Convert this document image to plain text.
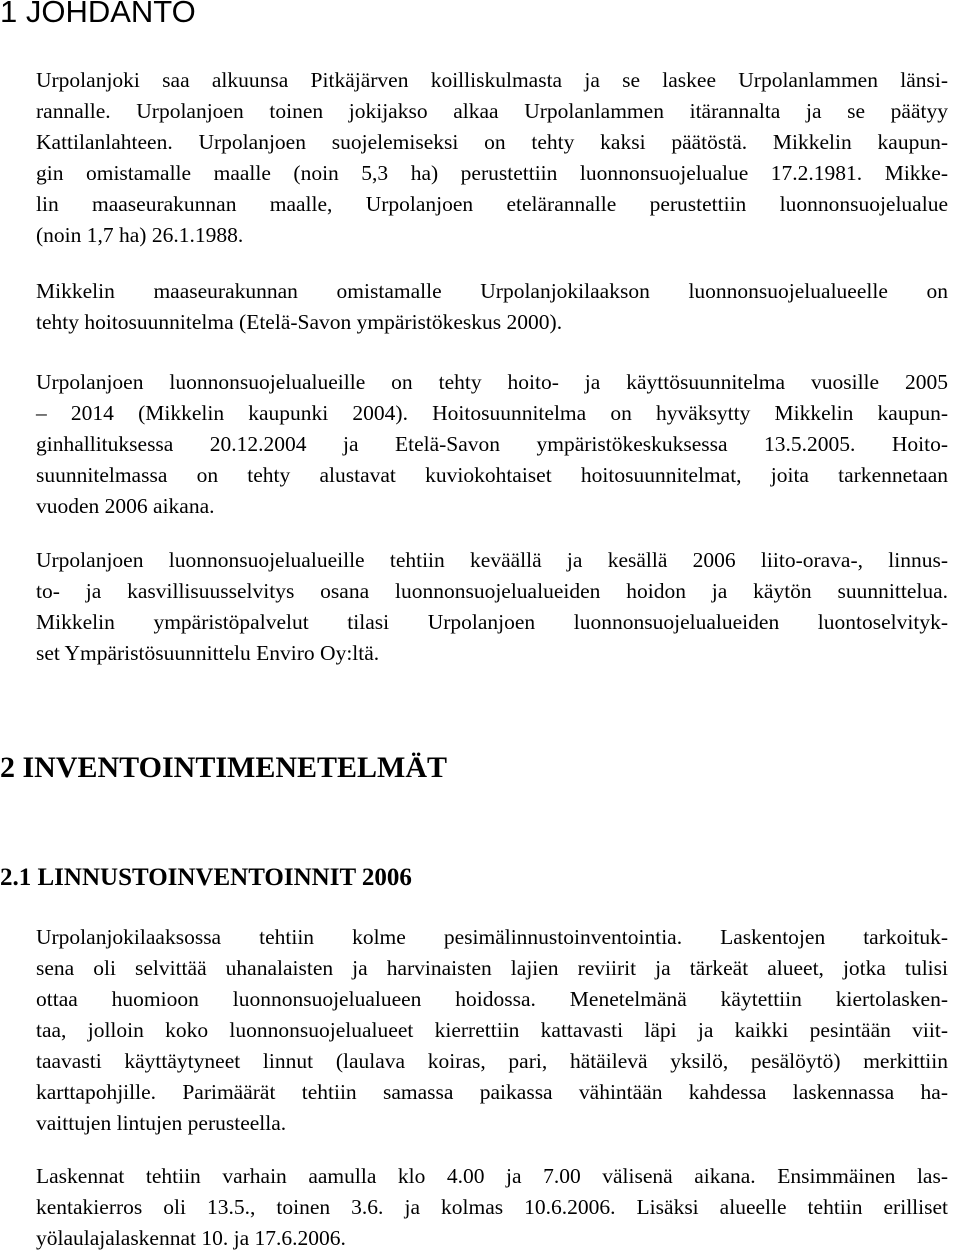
1 JOHDANTO
Urpolanjoki saa alkuunsa Pitkäjärven koilliskulmasta ja se laskee Urpolanlammen länsi-
rannalle. Urpolanjoen toinen jokijakso alkaa Urpolanlammen itärannalta ja se päätyy
Kattilanlahteen. Urpolanjoen suojelemiseksi on tehty kaksi päätöstä. Mikkelin kaupun-
gin omistamalle maalle (noin 5,3 ha) perustettiin luonnonsuojelualue 17.2.1981. Mikke-
lin maaseurakunnan maalle, Urpolanjoen etelärannalle perustettiin luonnonsuojelualue
(noin 1,7 ha) 26.1.1988.
Mikkelin maaseurakunnan omistamalle Urpolanjokilaakson luonnonsuojelualueelle on
tehty hoitosuunnitelma (Etelä-Savon ympäristökeskus 2000).
Urpolanjoen luonnonsuojelualueille on tehty hoito- ja käyttösuunnitelma vuosille 2005
– 2014 (Mikkelin kaupunki 2004). Hoitosuunnitelma on hyväksytty Mikkelin kaupun-
ginhallituksessa 20.12.2004 ja Etelä-Savon ympäristökeskuksessa 13.5.2005. Hoito-
suunnitelmassa on tehty alustavat kuviokohtaiset hoitosuunnitelmat, joita tarkennetaan
vuoden 2006 aikana.
Urpolanjoen luonnonsuojelualueille tehtiin keväällä ja kesällä 2006 liito-orava-, linnus-
to- ja kasvillisuusselvitys osana luonnonsuojelualueiden hoidon ja käytön suunnittelua.
Mikkelin ympäristöpalvelut tilasi Urpolanjoen luonnonsuojelualueiden luontoselvityk-
set Ympäristösuunnittelu Enviro Oy:ltä.
2 INVENTOINTIMENETELMÄT
2.1 LINNUSTOINVENTOINNIT 2006
Urpolanjokilaaksossa tehtiin kolme pesimälinnustoinventointia. Laskentojen tarkoituk-
sena oli selvittää uhanalaisten ja harvinaisten lajien reviirit ja tärkeät alueet, jotka tulisi
ottaa huomioon luonnonsuojelualueen hoidossa. Menetelmänä käytettiin kiertolasken-
taa, jolloin koko luonnonsuojelualueet kierrettiin kattavasti läpi ja kaikki pesintään viit-
taavasti käyttäytyneet linnut (laulava koiras, pari, hätäilevä yksilö, pesälöytö) merkittiin
karttapohjille. Parimäärät tehtiin samassa paikassa vähintään kahdessa laskennassa ha-
vaittujen lintujen perusteella.
Laskennat tehtiin varhain aamulla klo 4.00 ja 7.00 välisenä aikana. Ensimmäinen las-
kentakierros oli 13.5., toinen 3.6. ja kolmas 10.6.2006. Lisäksi alueelle tehtiin erilliset
yölaulajalaskennat 10. ja 17.6.2006.
